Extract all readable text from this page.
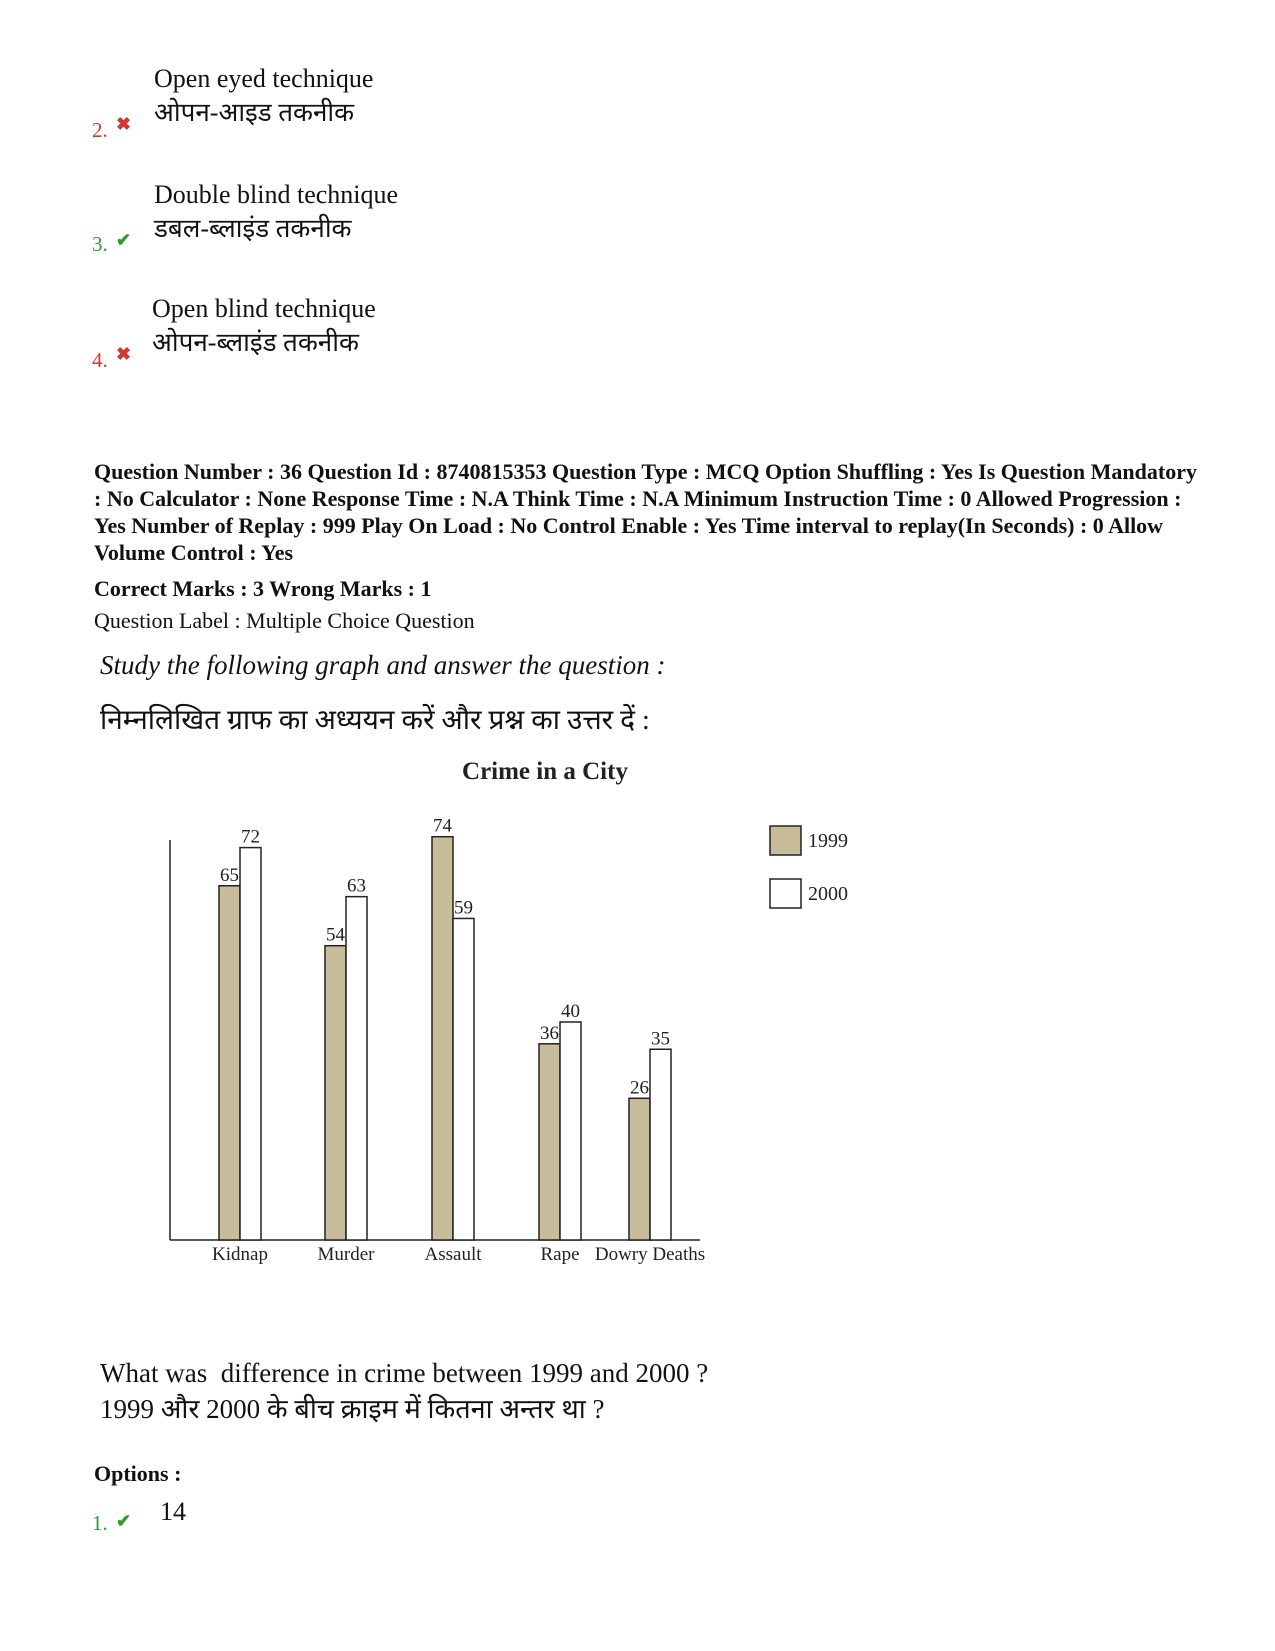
2. ✖
Open eyed technique
ओपन-आइड तकनीक
3. ✔
Double blind technique
डबल-ब्लाइंड तकनीक
4. ✖
Open blind technique
ओपन-ब्लाइंड तकनीक
Question Number : 36 Question Id : 8740815353 Question Type : MCQ Option Shuffling : Yes Is Question Mandatory : No Calculator : None Response Time : N.A Think Time : N.A Minimum Instruction Time : 0 Allowed Progression : Yes Number of Replay : 999 Play On Load : No Control Enable : Yes Time interval to replay(In Seconds) : 0 Allow Volume Control : Yes
Correct Marks : 3 Wrong Marks : 1
Question Label : Multiple Choice Question
Study the following graph and answer the question :
निम्नलिखित ग्राफ का अध्ययन करें और प्रश्न का उत्तर दें :
Crime in a City
65
72
Kidnap
54
63
Murder
74
59
Assault
36
40
Rape
26
35
Dowry Deaths
1999
2000
What was  difference in crime between 1999 and 2000 ?
1999 और 2000 के बीच क्राइम में कितना अन्तर था ?
Options :
1. ✔ 14
